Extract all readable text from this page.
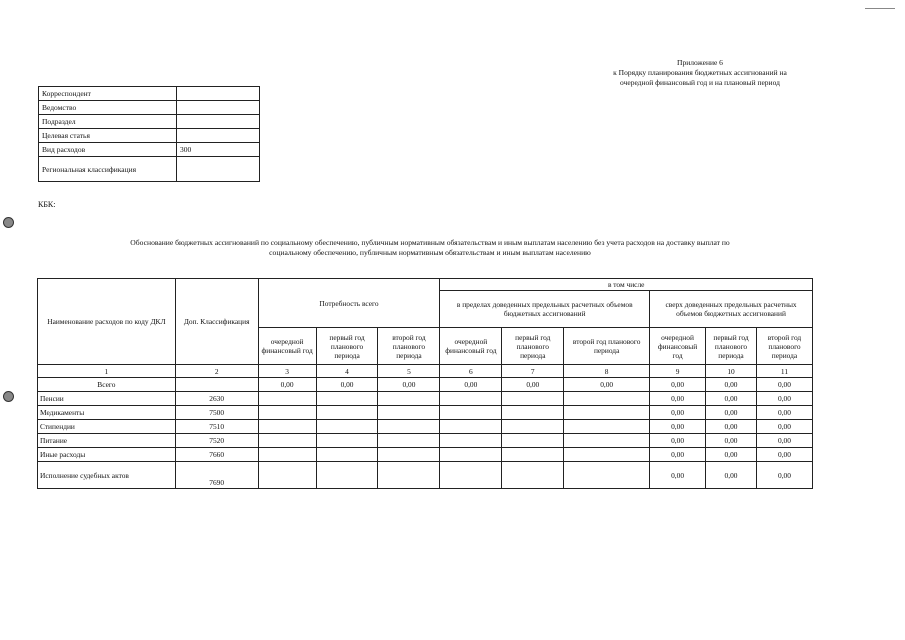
Приложение 6
к Порядку планирования бюджетных ассигнований на
очередной финансовый год и на плановый период
Корреспондент	
Ведомство	
Подраздел	
Целевая статья	
Вид расходов	300
Региональная классификация	
КБК:
Обоснование бюджетных ассигнований по социальному обеспечению, публичным нормативным обязательствам и иным выплатам населению без учета расходов на доставку выплат по
социальному обеспечению, публичным нормативным обязательствам и иным выплатам населению
Наименование расходов по коду ДКЛ	Доп. Классификация	Потребность всего			в том числе					
					в пределах доведенных предельных расчетных объемов бюджетных ассигнований			сверх доведенных предельных расчетных объемов бюджетных ассигнований		
		очередной финансовый год	первый год планового периода	второй год планового периода	очередной финансовый год	первый год планового периода	второй год планового периода	очередной финансовый год	первый год планового периода	второй год планового периода
1	2	3	4	5	6	7	8	9	10	11
Всего		0,00	0,00	0,00	0,00	0,00	0,00	0,00	0,00	0,00
Пенсии	2630							0,00	0,00	0,00
Медикаменты	7500							0,00	0,00	0,00
Стипендии	7510							0,00	0,00	0,00
Питание	7520							0,00	0,00	0,00
Иные расходы	7660							0,00	0,00	0,00
Исполнение судебных актов	7690							0,00	0,00	0,00
